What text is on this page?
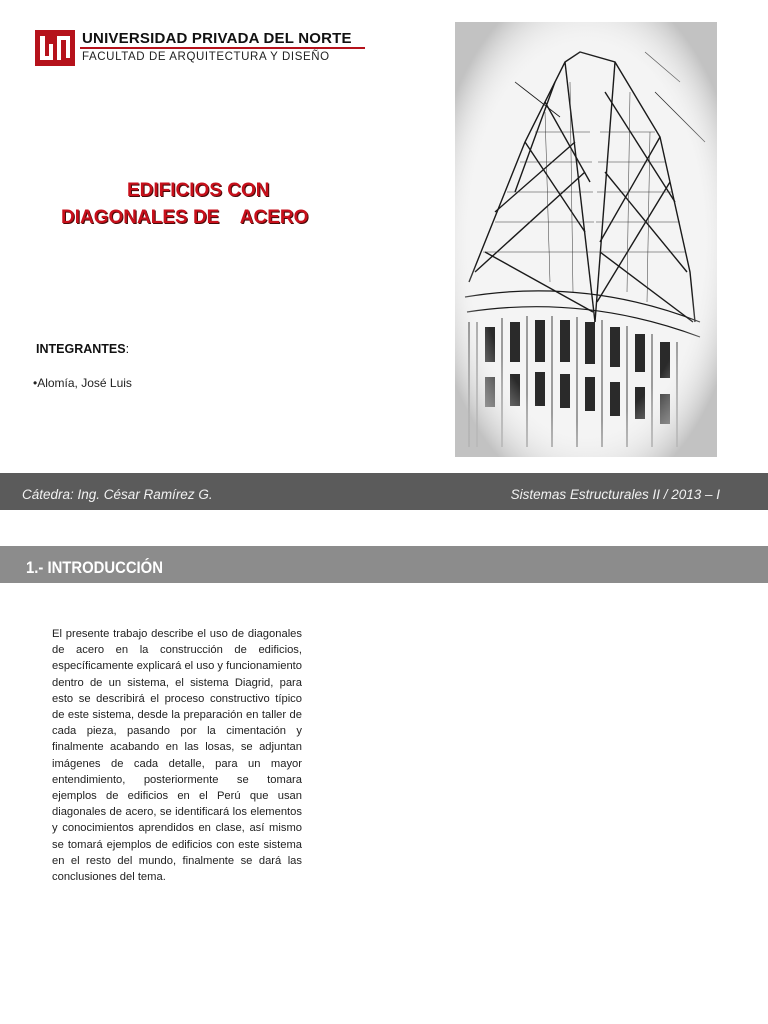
UNIVERSIDAD PRIVADA DEL NORTE
FACULTAD DE ARQUITECTURA Y DISEÑO
EDIFICIOS CON
DIAGONALES DE    ACERO
INTEGRANTES:
•Alomía, José Luis
Cátedra: Ing. César Ramírez G.	Sistemas Estructurales II / 2013 – I
1.- INTRODUCCIÓN
El presente trabajo describe el uso de diagonales de acero en la construcción de edificios, específicamente explicará el uso y funcionamiento dentro de un sistema, el sistema Diagrid, para esto se describirá el proceso constructivo típico de este sistema, desde la preparación en taller de cada pieza, pasando por la cimentación y finalmente acabando en las losas, se adjuntan imágenes de cada detalle, para un mayor entendimiento, posteriormente se tomara ejemplos de edificios en el Perú que usan diagonales de acero, se identificará los elementos y conocimientos aprendidos en clase, así mismo se tomará ejemplos de edificios con este sistema en el resto del mundo, finalmente se dará las conclusiones del tema.
